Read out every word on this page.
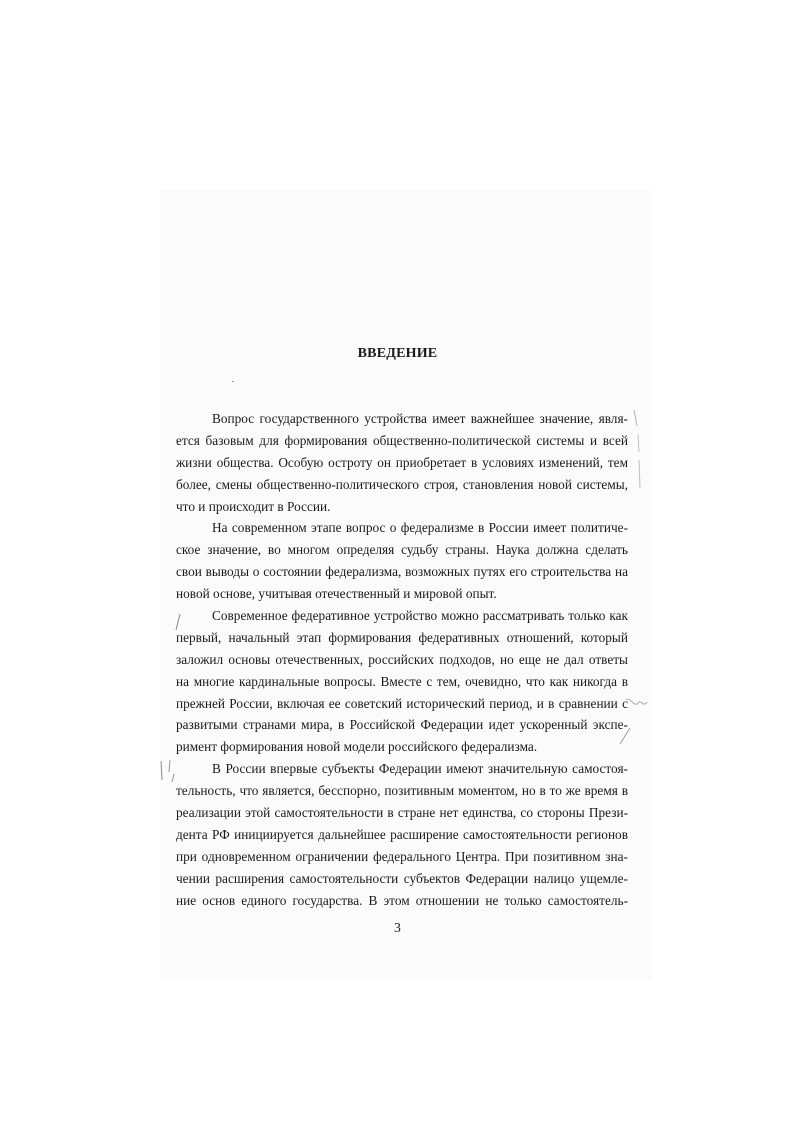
ВВЕДЕНИЕ
Вопрос государственного устройства имеет важнейшее значение, явля-
ется базовым для формирования общественно-политической системы и всей
жизни общества. Особую остроту он приобретает в условиях изменений, тем
более, смены общественно-политического строя, становления новой системы,
что и происходит в России.
На современном этапе вопрос о федерализме в России имеет политиче-
ское значение, во многом определяя судьбу страны. Наука должна сделать
свои выводы о состоянии федерализма, возможных путях его строительства на
новой основе, учитывая отечественный и мировой опыт.
Современное федеративное устройство можно рассматривать только как
первый, начальный этап формирования федеративных отношений, который
заложил основы отечественных, российских подходов, но еще не дал ответы
на многие кардинальные вопросы. Вместе с тем, очевидно, что как никогда в
прежней России, включая ее советский исторический период, и в сравнении с
развитыми странами мира, в Российской Федерации идет ускоренный экспе-
римент формирования новой модели российского федерализма.
В России впервые субъекты Федерации имеют значительную самостоя-
тельность, что является, бесспорно, позитивным моментом, но в то же время в
реализации этой самостоятельности в стране нет единства, со стороны Прези-
дента РФ инициируется дальнейшее расширение самостоятельности регионов
при одновременном ограничении федерального Центра. При позитивном зна-
чении расширения самостоятельности субъектов Федерации налицо ущемле-
ние основ единого государства. В этом отношении не только самостоятель-
3
